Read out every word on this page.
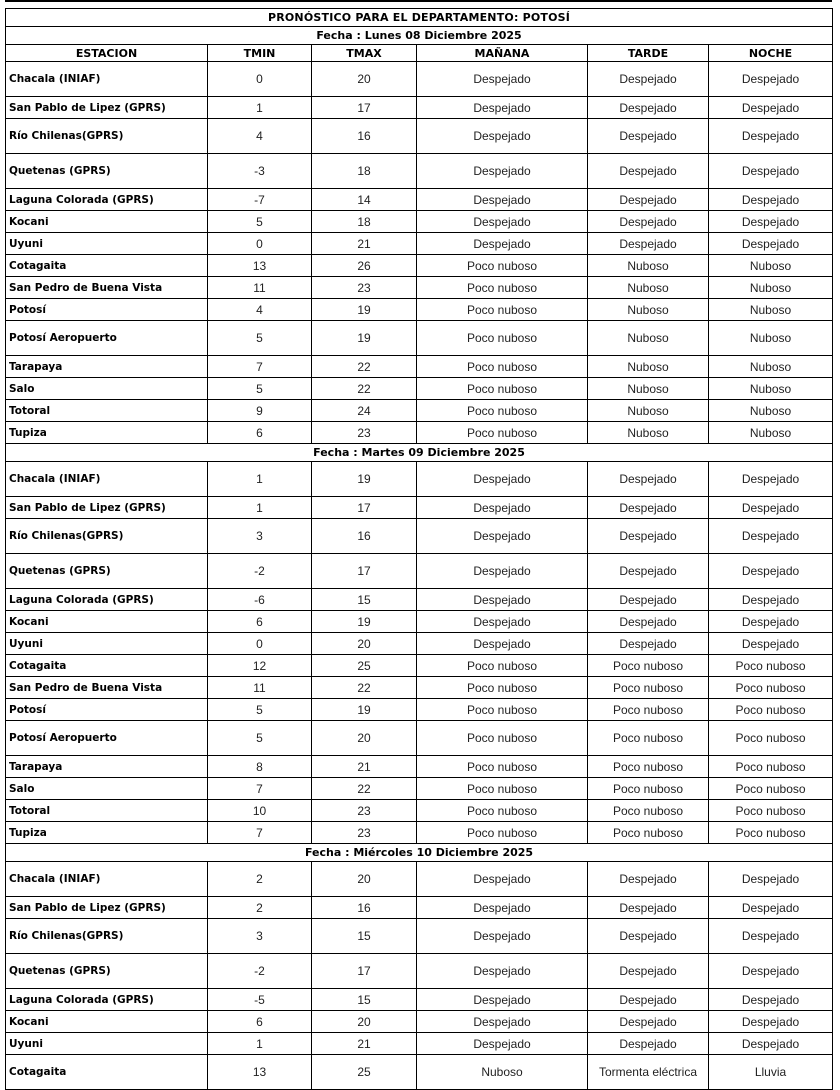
PRONÓSTICO PARA EL DEPARTAMENTO: POTOSÍ					
Fecha : Lunes 08 Diciembre 2025					
ESTACION	TMIN	TMAX	MAÑANA	TARDE	NOCHE
Chacala (INIAF)	0	20	Despejado	Despejado	Despejado
San Pablo de Lipez (GPRS)	1	17	Despejado	Despejado	Despejado
Río Chilenas(GPRS)	4	16	Despejado	Despejado	Despejado
Quetenas (GPRS)	-3	18	Despejado	Despejado	Despejado
Laguna Colorada (GPRS)	-7	14	Despejado	Despejado	Despejado
Kocani	5	18	Despejado	Despejado	Despejado
Uyuni	0	21	Despejado	Despejado	Despejado
Cotagaita	13	26	Poco nuboso	Nuboso	Nuboso
San Pedro de Buena Vista	11	23	Poco nuboso	Nuboso	Nuboso
Potosí	4	19	Poco nuboso	Nuboso	Nuboso
Potosí Aeropuerto	5	19	Poco nuboso	Nuboso	Nuboso
Tarapaya	7	22	Poco nuboso	Nuboso	Nuboso
Salo	5	22	Poco nuboso	Nuboso	Nuboso
Totoral	9	24	Poco nuboso	Nuboso	Nuboso
Tupiza	6	23	Poco nuboso	Nuboso	Nuboso
Fecha : Martes 09 Diciembre 2025					
Chacala (INIAF)	1	19	Despejado	Despejado	Despejado
San Pablo de Lipez (GPRS)	1	17	Despejado	Despejado	Despejado
Río Chilenas(GPRS)	3	16	Despejado	Despejado	Despejado
Quetenas (GPRS)	-2	17	Despejado	Despejado	Despejado
Laguna Colorada (GPRS)	-6	15	Despejado	Despejado	Despejado
Kocani	6	19	Despejado	Despejado	Despejado
Uyuni	0	20	Despejado	Despejado	Despejado
Cotagaita	12	25	Poco nuboso	Poco nuboso	Poco nuboso
San Pedro de Buena Vista	11	22	Poco nuboso	Poco nuboso	Poco nuboso
Potosí	5	19	Poco nuboso	Poco nuboso	Poco nuboso
Potosí Aeropuerto	5	20	Poco nuboso	Poco nuboso	Poco nuboso
Tarapaya	8	21	Poco nuboso	Poco nuboso	Poco nuboso
Salo	7	22	Poco nuboso	Poco nuboso	Poco nuboso
Totoral	10	23	Poco nuboso	Poco nuboso	Poco nuboso
Tupiza	7	23	Poco nuboso	Poco nuboso	Poco nuboso
Fecha : Miércoles 10 Diciembre 2025					
Chacala (INIAF)	2	20	Despejado	Despejado	Despejado
San Pablo de Lipez (GPRS)	2	16	Despejado	Despejado	Despejado
Río Chilenas(GPRS)	3	15	Despejado	Despejado	Despejado
Quetenas (GPRS)	-2	17	Despejado	Despejado	Despejado
Laguna Colorada (GPRS)	-5	15	Despejado	Despejado	Despejado
Kocani	6	20	Despejado	Despejado	Despejado
Uyuni	1	21	Despejado	Despejado	Despejado
Cotagaita	13	25	Nuboso	Tormenta eléctrica	Lluvia
